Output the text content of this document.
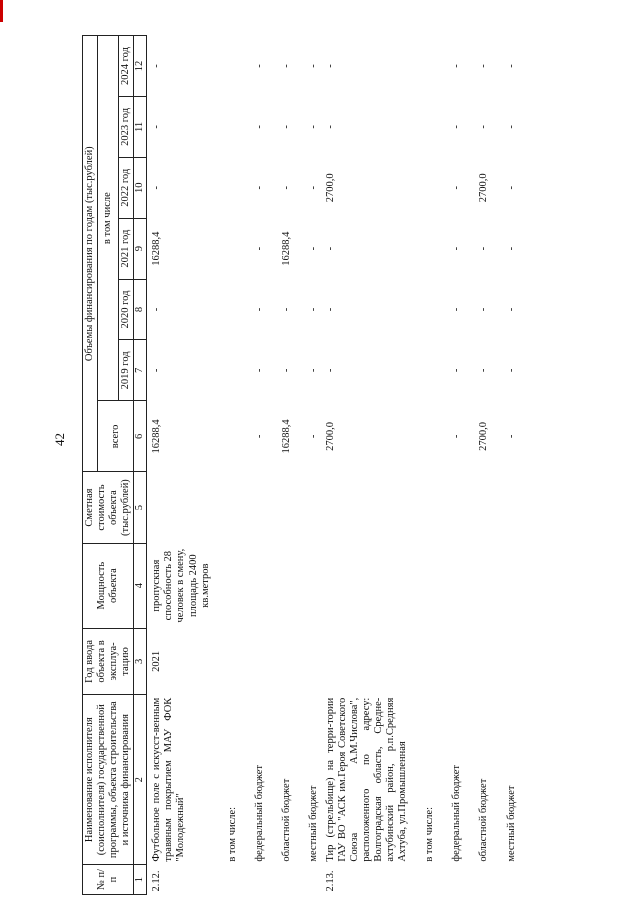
42
№ п/п	Наименование исполнителя (соисполнителя) государственной программы, объекта строительства и источника финансирования	Год ввода объекта в эксплуа-тацию	Мощность объекта	Сметная стоимость объекта (тыс.рублей)	Объемы финансирования по годам (тыс.рублей)						
					всего	в том числе					
						2019 год	2020 год	2021 год	2022 год	2023 год	2024 год
1	2	3	4	5	6	7	8	9	10	11	12
2.12.	Футбольное поле с искусст-венным травяным покрытием МАУ ФОК "Молодежный"	2021	пропускная способность 28 человек в смену, площадь 2400 кв.метров		16288,4	-	-	16288,4	-	-	-
	в том числе:										
	федеральный бюджет				-	-	-	-	-	-	-
	областной бюджет				16288,4	-	-	16288,4	-	-	-
	местный бюджет				-	-	-	-	-	-	-
2.13.	Тир (стрельбище) на терри-тории ГАУ ВО "АСК им.Героя Советского Союза А.М.Числова", расположенного по адресу: Волгоградская область, Средне-ахтубинский район, р.п.Средняя Ахтуба, ул.Промышленная				2700,0	-	-	-	2700,0	-	-
	в том числе:										
	федеральный бюджет				-	-	-	-	-	-	-
	областной бюджет				2700,0	-	-	-	2700,0	-	-
	местный бюджет				-	-	-	-	-	-	-
